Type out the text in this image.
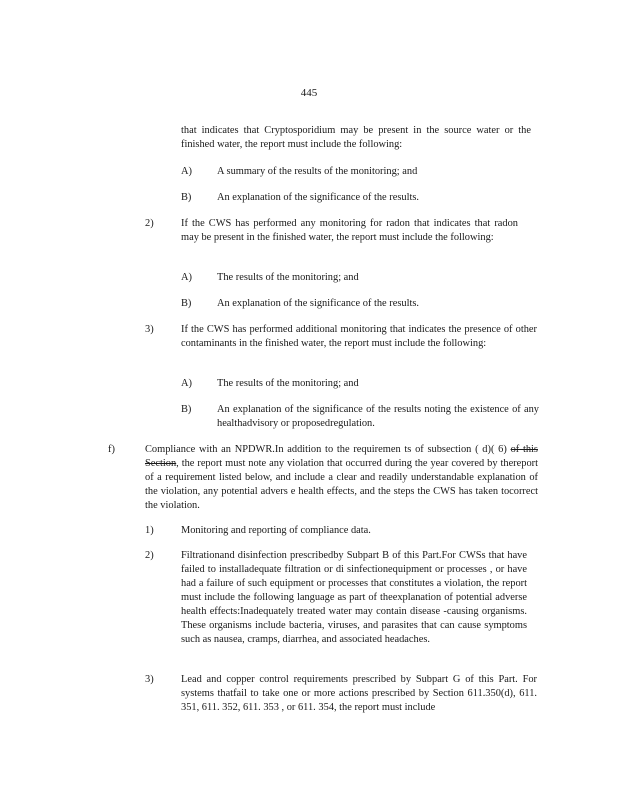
445
that indicates that Cryptosporidium may be present in the source water or the finished water, the report must include the following:
A) A summary of the results of the monitoring; and
B) An explanation of the significance of the results.
2)	If the CWS has performed any monitoring for radon that indicates that radon may be present in the finished water, the report must include the following:
A) The results of the monitoring; and
B) An explanation of the significance of the results.
3)	If the CWS has performed additional monitoring that indicates the presence of other contaminants in the finished water, the report must include the following:
A) The results of the monitoring; and
B) An explanation of the significance of the results noting the existence of any healthadvisory or proposedregulation.
f)	Compliance with an NPDWR.In addition to the requiremen ts of subsection ( d)( 6) of this Section, the report must note any violation that occurred during the year covered by thereport of a requirement listed below, and include a clear and readily understandable explanation of the violation, any potential advers e health effects, and the steps the CWS has taken tocorrect the violation.
1)	Monitoring and reporting of compliance data.
2)	Filtrationand disinfection prescribedby Subpart B of this Part.For CWSs that have failed to installadequate filtration or di sinfectionequipment or processes , or have had a failure of such equipment or processes that constitutes a violation, the report must include the following language as part of theexplanation of potential adverse health effects:Inadequately treated water may contain disease -causing organisms. These organisms include bacteria, viruses, and parasites that can cause symptoms such as nausea, cramps, diarrhea, and associated headaches.
3)	Lead and copper control requirements prescribed by Subpart G of this Part. For systems thatfail to take one or more actions prescribed by Section 611.350(d), 611. 351, 611. 352, 611. 353 , or 611. 354, the report must include
